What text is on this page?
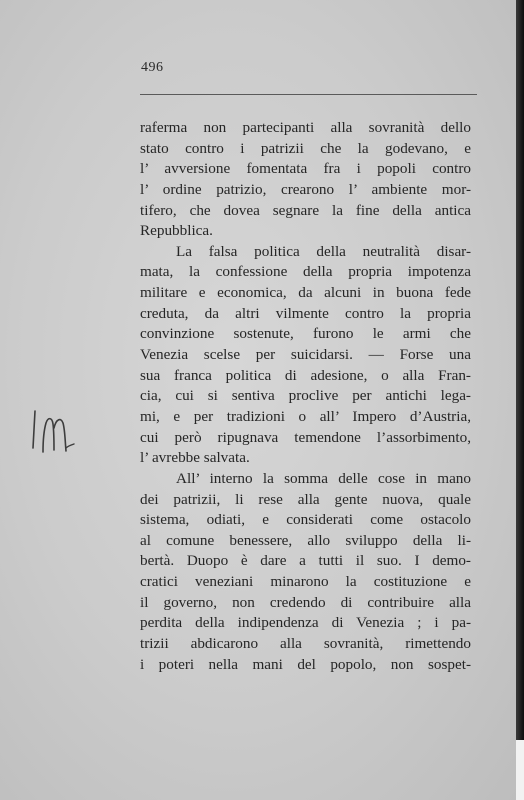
496
raferma non partecipanti alla sovranità dello
stato contro i patrizii che la godevano, e
l’ avversione fomentata fra i popoli contro
l’ ordine patrizio, crearono l’ ambiente mor-
tifero, che dovea segnare la fine della antica
Repubblica.
La falsa politica della neutralità disar-
mata, la confessione della propria impotenza
militare e economica, da alcuni in buona fede
creduta, da altri vilmente contro la propria
convinzione sostenute, furono le armi che
Venezia scelse per suicidarsi. — Forse una
sua franca politica di adesione, o alla Fran-
cia, cui si sentiva proclive per antichi lega-
mi, e per tradizioni o all’ Impero d’Austria,
cui però ripugnava temendone l’assorbimento,
l’ avrebbe salvata.
All’ interno la somma delle cose in mano
dei patrizii, li rese alla gente nuova, quale
sistema, odiati, e considerati come ostacolo
al comune benessere, allo sviluppo della li-
bertà. Duopo è dare a tutti il suo. I demo-
cratici veneziani minarono la costituzione e
il governo, non credendo di contribuire alla
perdita della indipendenza di Venezia ; i pa-
trizii abdicarono alla sovranità, rimettendo
i poteri nella mani del popolo, non sospet-
